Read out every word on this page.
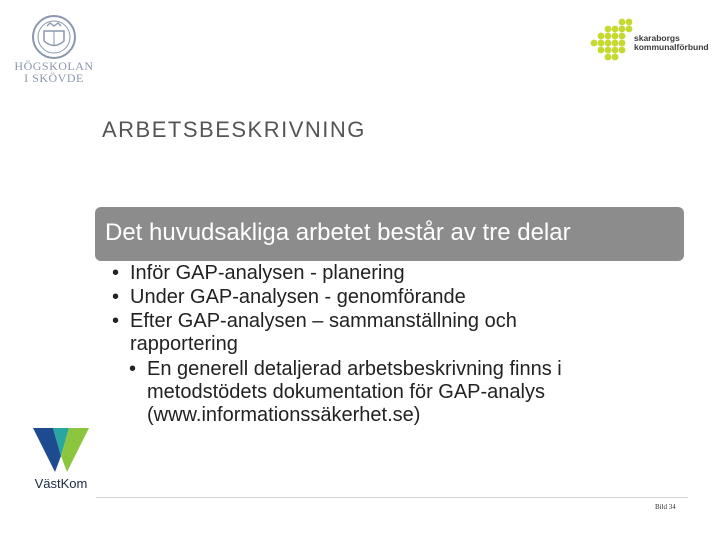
HÖGSKOLAN
I SKÖVDE
skaraborgs
kommunalförbund
ARBETSBESKRIVNING
Det huvudsakliga arbetet består av tre delar
• Inför GAP-analysen - planering
• Under GAP-analysen - genomförande
• Efter GAP-analysen – sammanställning och rapportering
• En generell detaljerad arbetsbeskrivning finns i metodstödets dokumentation för GAP-analys (www.informationssäkerhet.se)
VästKom
Bild 34
